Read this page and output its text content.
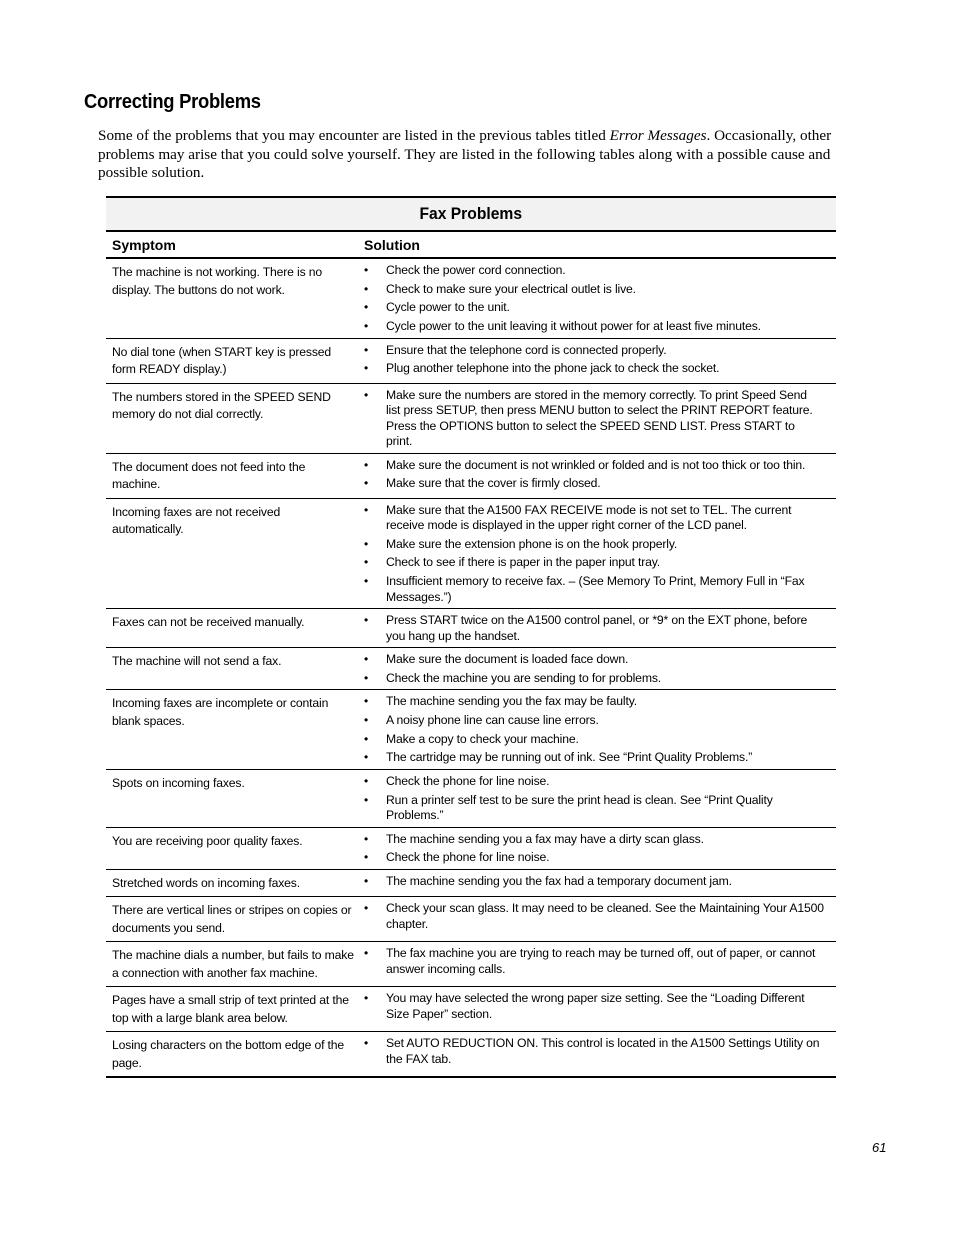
Correcting Problems

Some of the problems that you may encounter are listed in the previous tables titled Error Messages. Occasionally, other problems may arise that you could solve yourself. They are listed in the following tables along with a possible cause and possible solution.

Fax Problems
Symptom	Solution
The machine is not working. There is no display. The buttons do not work.
• Check the power cord connection.
• Check to make sure your electrical outlet is live.
• Cycle power to the unit.
• Cycle power to the unit leaving it without power for at least five minutes.
No dial tone (when START key is pressed form READY display.)
• Ensure that the telephone cord is connected properly.
• Plug another telephone into the phone jack to check the socket.
The numbers stored in the SPEED SEND memory do not dial correctly.
• Make sure the numbers are stored in the memory correctly. To print Speed Send list press SETUP, then press MENU button to select the PRINT REPORT feature. Press the OPTIONS button to select the SPEED SEND LIST. Press START to print.
The document does not feed into the machine.
• Make sure the document is not wrinkled or folded and is not too thick or too thin.
• Make sure that the cover is firmly closed.
Incoming faxes are not received automatically.
• Make sure that the A1500 FAX RECEIVE mode is not set to TEL. The current receive mode is displayed in the upper right corner of the LCD panel.
• Make sure the extension phone is on the hook properly.
• Check to see if there is paper in the paper input tray.
• Insufficient memory to receive fax. – (See Memory To Print, Memory Full in “Fax Messages.”)
Faxes can not be received manually.	• Press START twice on the A1500 control panel, or *9* on the EXT phone, before you hang up the handset.
The machine will not send a fax.	• Make sure the document is loaded face down.
• Check the machine you are sending to for problems.
Incoming faxes are incomplete or contain blank spaces.
• The machine sending you the fax may be faulty.
• A noisy phone line can cause line errors.
• Make a copy to check your machine.
• The cartridge may be running out of ink. See “Print Quality Problems.”
Spots on incoming faxes.	• Check the phone for line noise.
• Run a printer self test to be sure the print head is clean. See “Print Quality Problems.”
You are receiving poor quality faxes.	• The machine sending you a fax may have a dirty scan glass.
• Check the phone for line noise.
Stretched words on incoming faxes.	• The machine sending you the fax had a temporary document jam.
There are vertical lines or stripes on copies or documents you send.
• Check your scan glass. It may need to be cleaned. See the Maintaining Your A1500 chapter.
The machine dials a number, but fails to make a connection with another fax machine.
• The fax machine you are trying to reach may be turned off, out of paper, or cannot answer incoming calls.
Pages have a small strip of text printed at the top with a large blank area below.
• You may have selected the wrong paper size setting. See the “Loading Different Size Paper” section.
Losing characters on the bottom edge of the page.
• Set AUTO REDUCTION ON. This control is located in the A1500 Settings Utility on the FAX tab.
61
